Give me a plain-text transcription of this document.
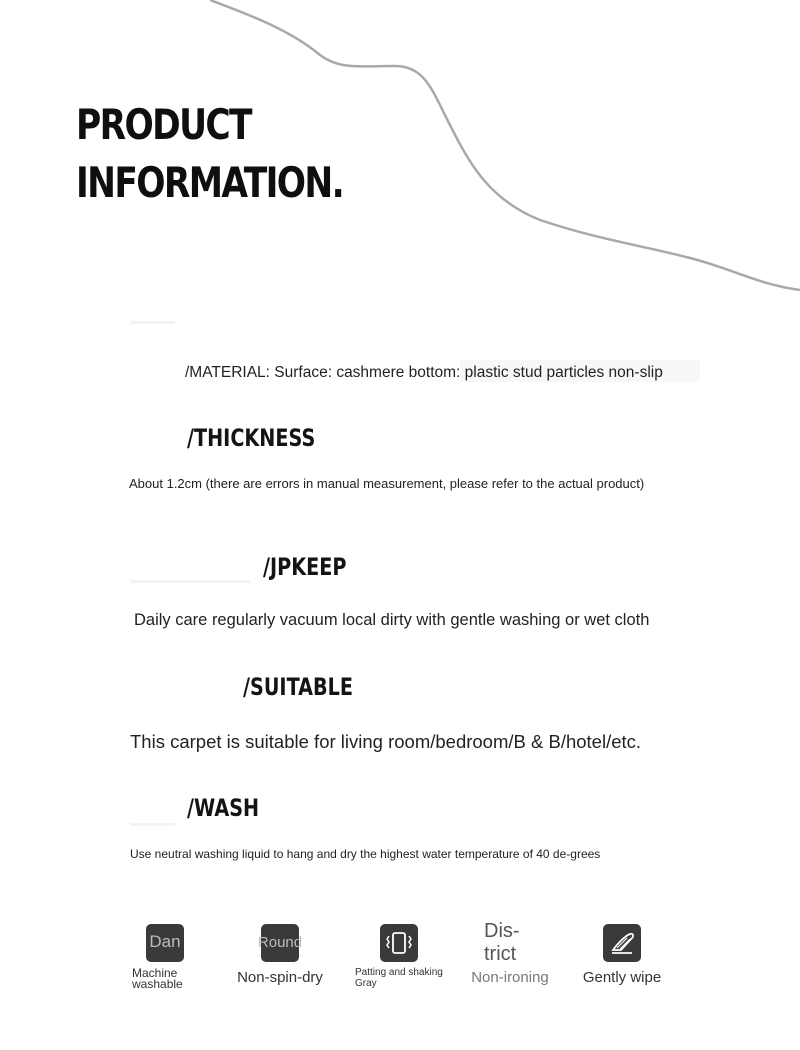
PRODUCT
INFORMATION.
/MATERIAL: Surface: cashmere bottom: plastic stud particles non-slip
/THICKNESS
About 1.2cm (there are errors in manual measurement, please refer to the actual product)
/JPKEEP
Daily care regularly vacuum local dirty with gentle washing or wet cloth
/SUITABLE
This carpet is suitable for living room/bedroom/B & B/hotel/etc.
/WASH
Use neutral washing liquid to hang and dry the highest water temperature of 40 de-grees
Dan
Machine washable
Round
Non-spin-dry	Patting and shaking Gray
Dis-trict
Non-ironing	Gently wipe
